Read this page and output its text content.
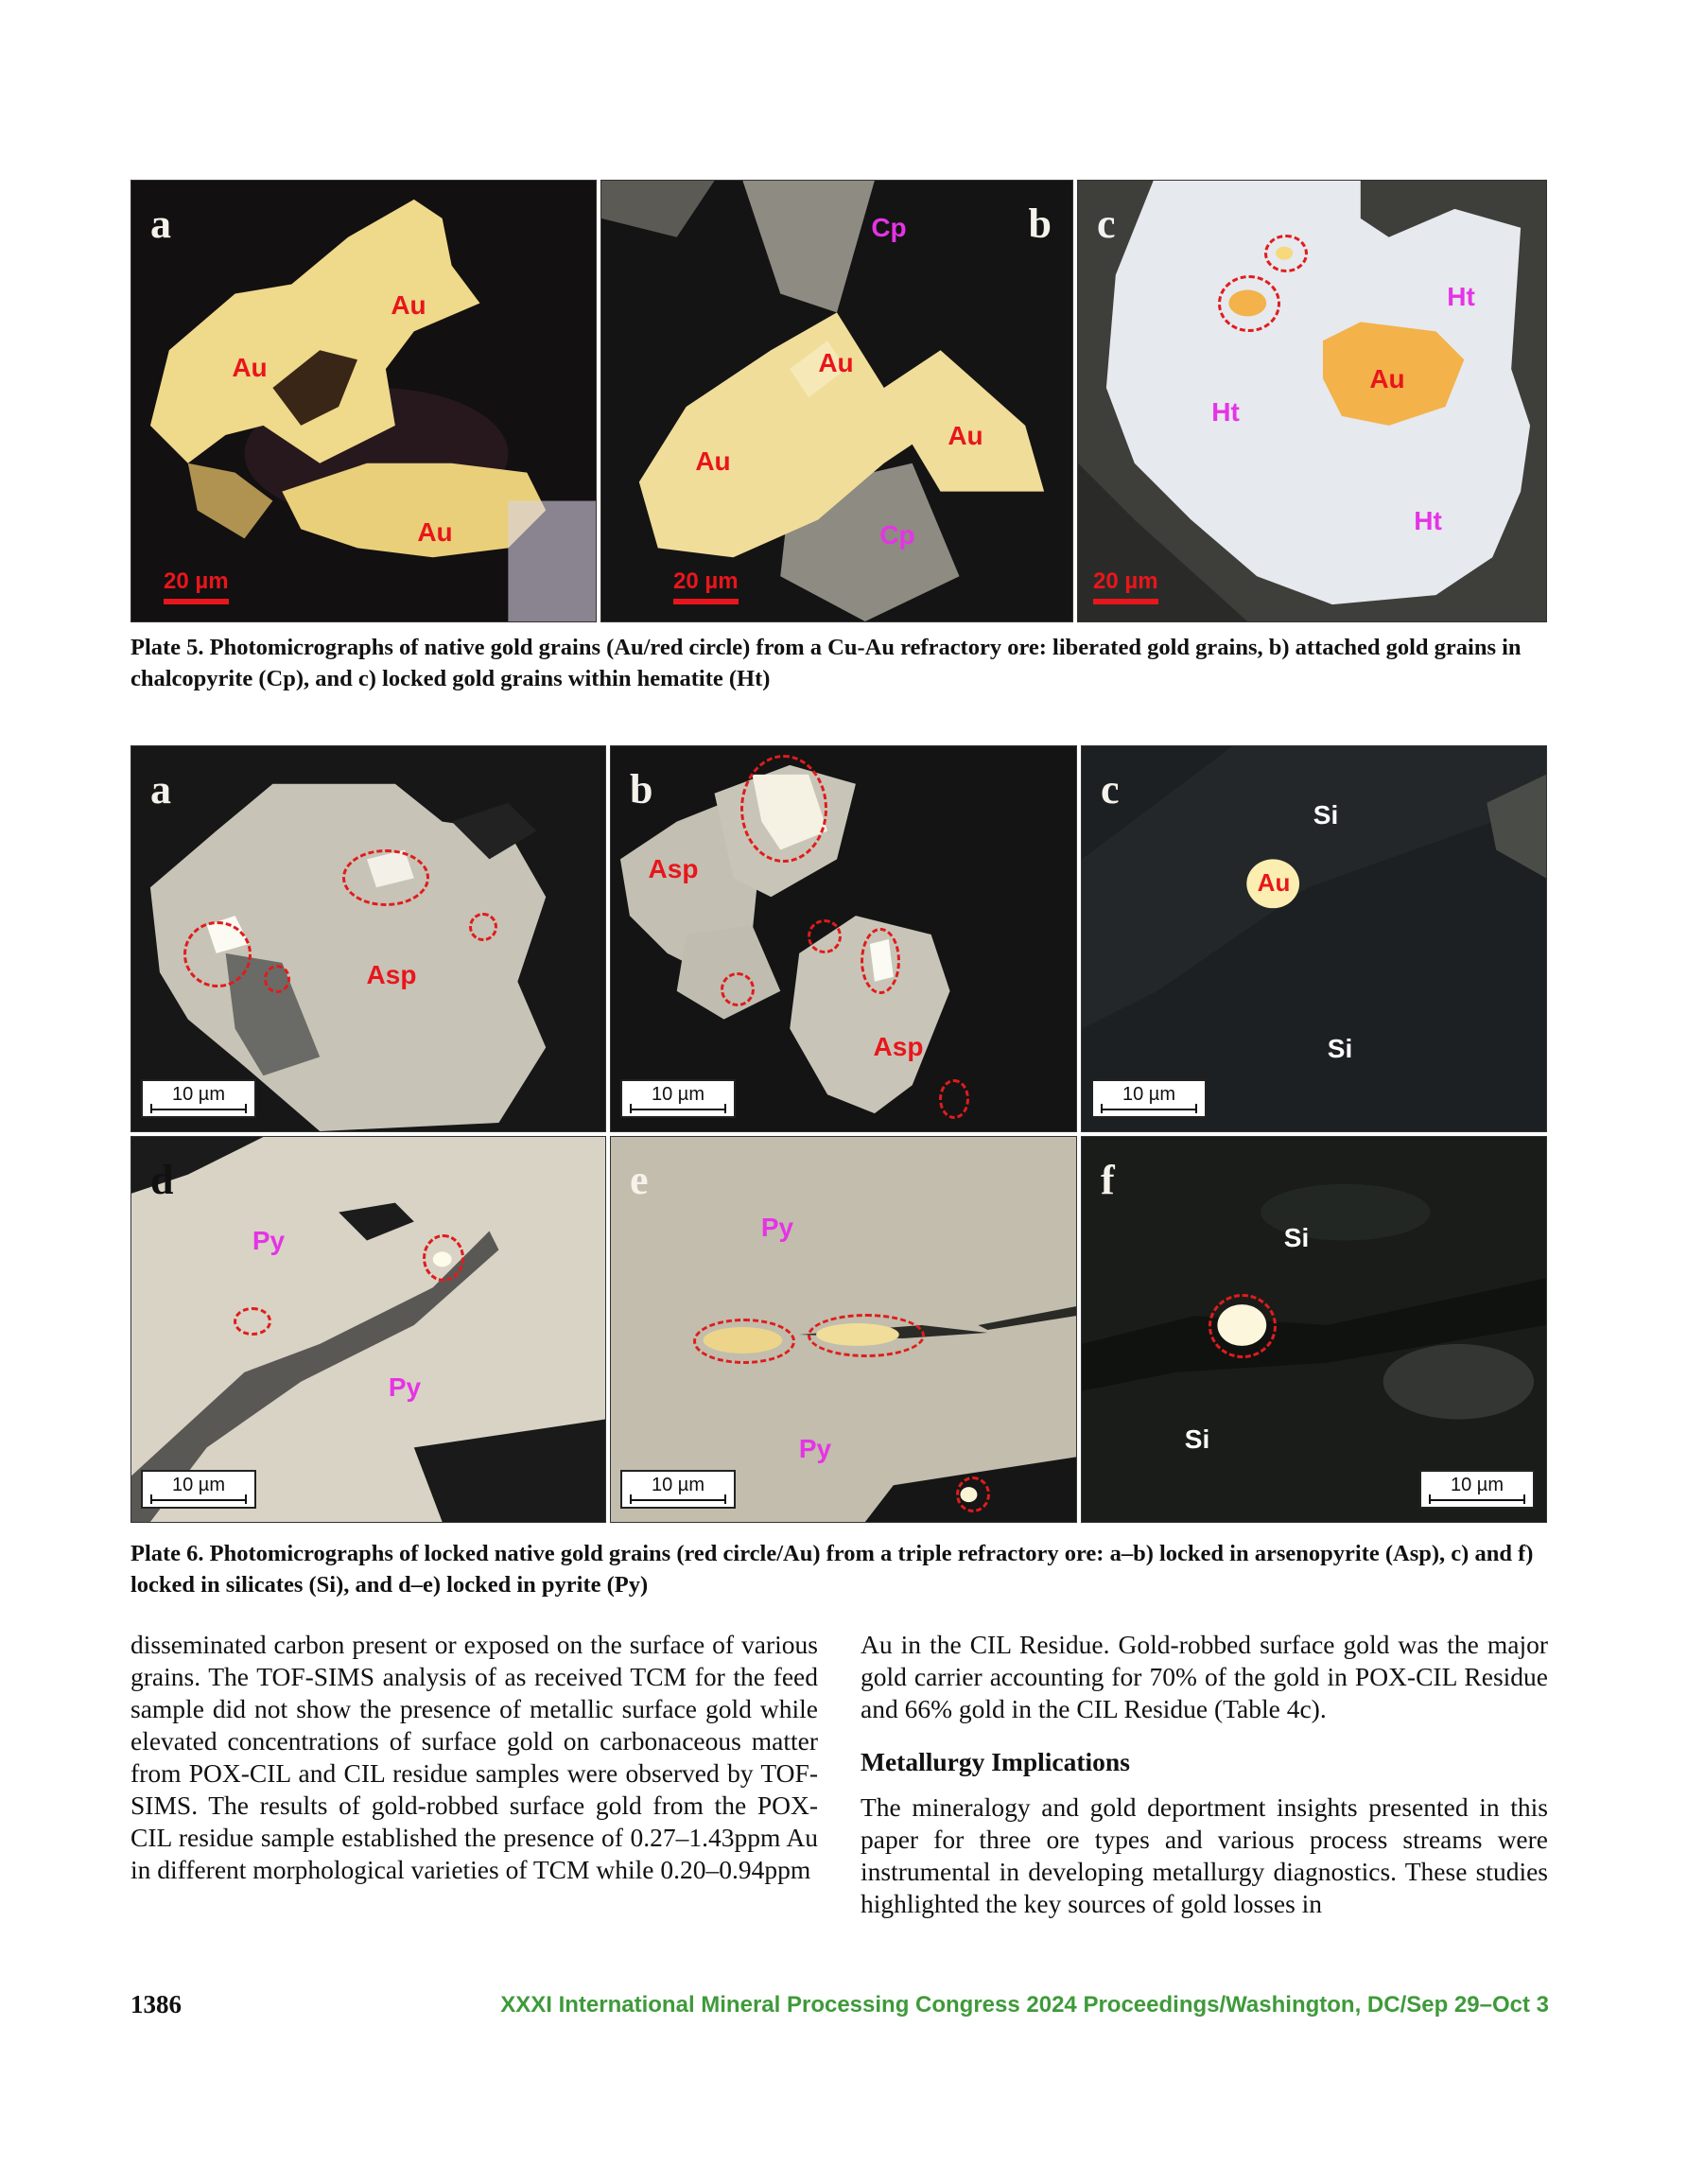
a
Au
Au
Au
20 µm
b
Cp
Au
Au
Au
Cp
20 µm
c
Ht
Au
Ht
Ht
20 µm
Plate 5. Photomicrographs of native gold grains (Au/red circle) from a Cu-Au refractory ore: liberated gold grains, b) attached gold grains in chalcopyrite (Cp), and c) locked gold grains within hematite (Ht)
a
Asp
10 µm
b
Asp
Asp
10 µm
c
Si
Au
Si
10 µm
d
Py
Py
10 µm
e
Py
Py
10 µm
f
Si
Si
10 µm
Plate 6. Photomicrographs of locked native gold grains (red circle/Au) from a triple refractory ore: a–b) locked in arsenopyrite (Asp), c) and f) locked in silicates (Si), and d–e) locked in pyrite (Py)

disseminated carbon present or exposed on the surface of various grains. The TOF-SIMS analysis of as received TCM for the feed sample did not show the presence of metallic surface gold while elevated concentrations of surface gold on carbonaceous matter from POX-CIL and CIL residue samples were observed by TOF-SIMS. The results of gold-robbed surface gold from the POX-CIL residue sample established the presence of 0.27–1.43ppm Au in different morphological varieties of TCM while 0.20–0.94ppm

Au in the CIL Residue. Gold-robbed surface gold was the major gold carrier accounting for 70% of the gold in POX-CIL Residue and 66% gold in the CIL Residue (Table 4c).

Metallurgy Implications

The mineralogy and gold deportment insights presented in this paper for three ore types and various process streams were instrumental in developing metallurgy diagnostics. These studies highlighted the key sources of gold losses in

1386	XXXI International Mineral Processing Congress 2024 Proceedings/Washington, DC/Sep 29–Oct 3
